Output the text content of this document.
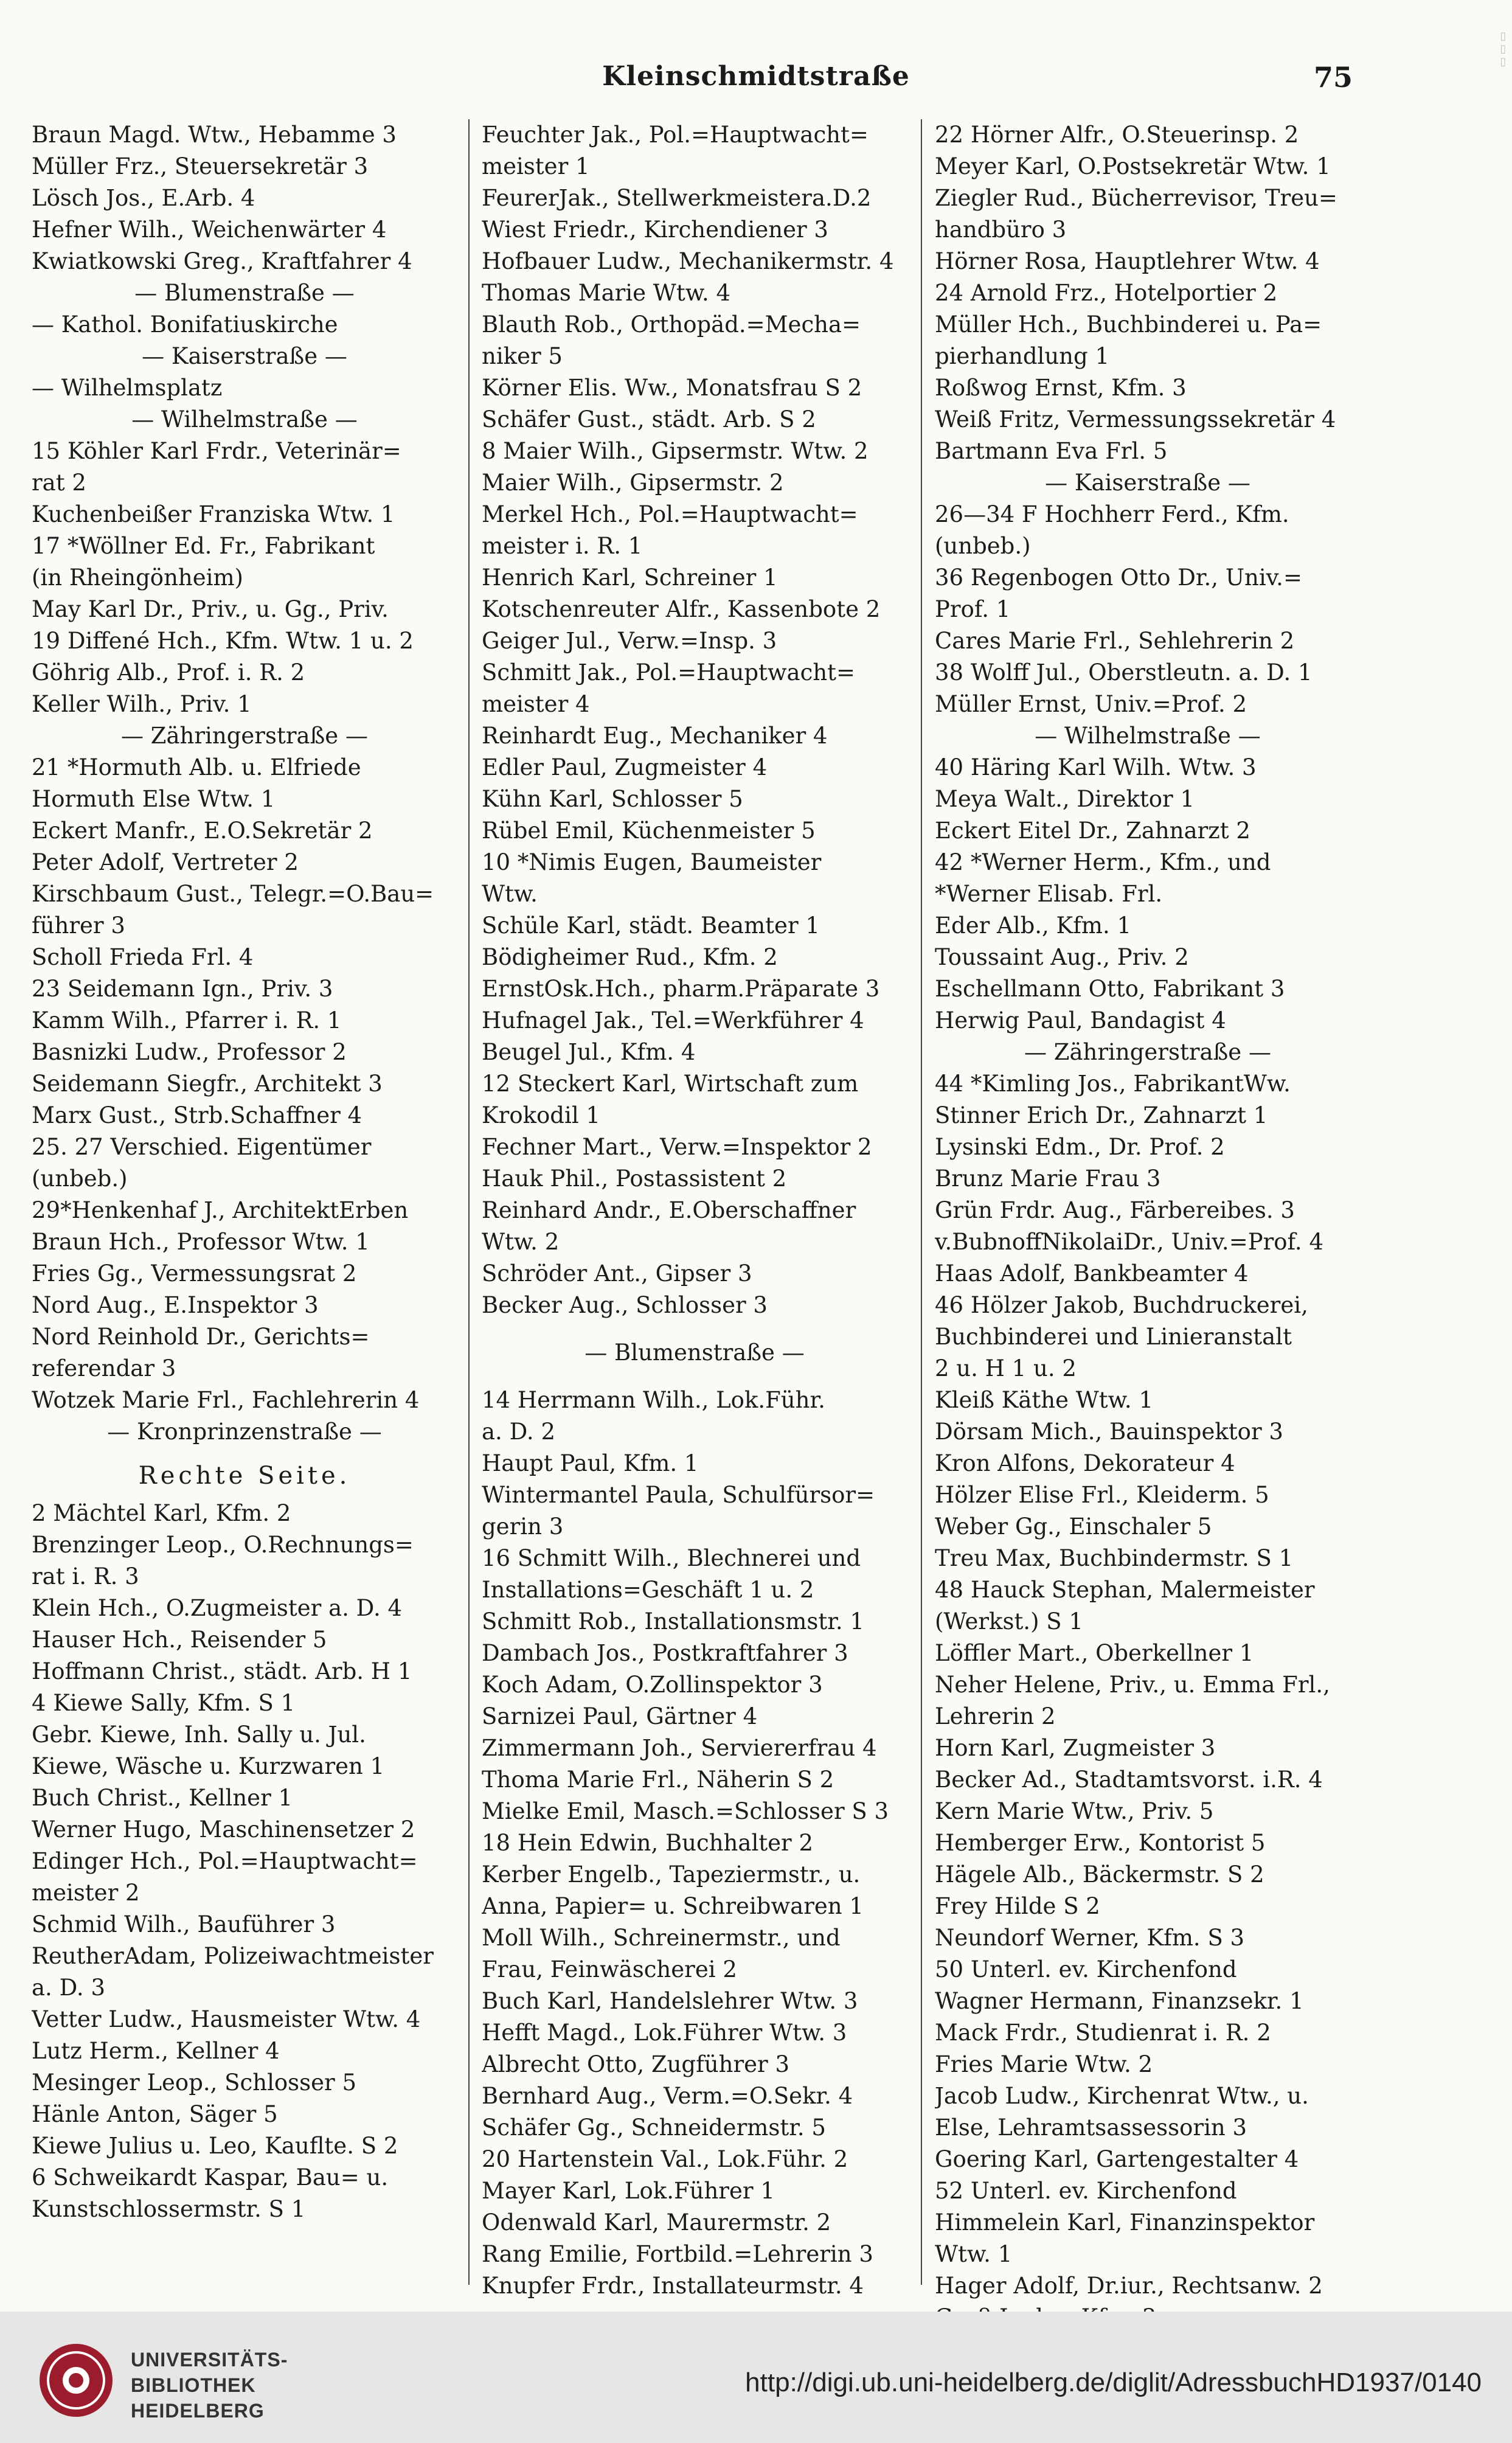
▯▯▯
Kleinschmidtstraße	75
Braun Magd. Wtw., Hebamme 3
Müller Frz., Steuersekretär 3
Lösch Jos., E.Arb. 4
Hefner Wilh., Weichenwärter 4
Kwiatkowski Greg., Kraftfahrer 4
— Blumenstraße —
— Kathol. Bonifatiuskirche
— Kaiserstraße —
— Wilhelmsplatz
— Wilhelmstraße —
15 Köhler Karl Frdr., Veterinär=
rat 2
Kuchenbeißer Franziska Wtw. 1
17 *Wöllner Ed. Fr., Fabrikant
(in Rheingönheim)
May Karl Dr., Priv., u. Gg., Priv.
19 Diffené Hch., Kfm. Wtw. 1 u. 2
Göhrig Alb., Prof. i. R. 2
Keller Wilh., Priv. 1
— Zähringerstraße —
21 *Hormuth Alb. u. Elfriede
Hormuth Else Wtw. 1
Eckert Manfr., E.O.Sekretär 2
Peter Adolf, Vertreter 2
Kirschbaum Gust., Telegr.=O.Bau=
führer 3
Scholl Frieda Frl. 4
23 Seidemann Ign., Priv. 3
Kamm Wilh., Pfarrer i. R. 1
Basnizki Ludw., Professor 2
Seidemann Siegfr., Architekt 3
Marx Gust., Strb.Schaffner 4
25. 27 Verschied. Eigentümer
(unbeb.)
29*Henkenhaf J., ArchitektErben
Braun Hch., Professor Wtw. 1
Fries Gg., Vermessungsrat 2
Nord Aug., E.Inspektor 3
Nord Reinhold Dr., Gerichts=
referendar 3
Wotzek Marie Frl., Fachlehrerin 4
— Kronprinzenstraße —
Rechte Seite.
2 Mächtel Karl, Kfm. 2
Brenzinger Leop., O.Rechnungs=
rat i. R. 3
Klein Hch., O.Zugmeister a. D. 4
Hauser Hch., Reisender 5
Hoffmann Christ., städt. Arb. H 1
4 Kiewe Sally, Kfm. S 1
Gebr. Kiewe, Inh. Sally u. Jul.
Kiewe, Wäsche u. Kurzwaren 1
Buch Christ., Kellner 1
Werner Hugo, Maschinensetzer 2
Edinger Hch., Pol.=Hauptwacht=
meister 2
Schmid Wilh., Bauführer 3
ReutherAdam, Polizeiwachtmeister
a. D. 3
Vetter Ludw., Hausmeister Wtw. 4
Lutz Herm., Kellner 4
Mesinger Leop., Schlosser 5
Hänle Anton, Säger 5
Kiewe Julius u. Leo, Kaufltе. S 2
6 Schweikardt Kaspar, Bau= u.
Kunstschlossermstr. S 1
Feuchter Jak., Pol.=Hauptwacht=
meister 1
FeurerJak., Stellwerkmeistera.D.2
Wiest Friedr., Kirchendiener 3
Hofbauer Ludw., Mechanikermstr. 4
Thomas Marie Wtw. 4
Blauth Rob., Orthopäd.=Mecha=
niker 5
Körner Elis. Ww., Monatsfrau S 2
Schäfer Gust., städt. Arb. S 2
8 Maier Wilh., Gipsermstr. Wtw. 2
Maier Wilh., Gipsermstr. 2
Merkel Hch., Pol.=Hauptwacht=
meister i. R. 1
Henrich Karl, Schreiner 1
Kotschenreuter Alfr., Kassenbote 2
Geiger Jul., Verw.=Insp. 3
Schmitt Jak., Pol.=Hauptwacht=
meister 4
Reinhardt Eug., Mechaniker 4
Edler Paul, Zugmeister 4
Kühn Karl, Schlosser 5
Rübel Emil, Küchenmeister 5
10 *Nimis Eugen, Baumeister
Wtw.
Schüle Karl, städt. Beamter 1
Bödigheimer Rud., Kfm. 2
ErnstOsk.Hch., pharm.Präparate 3
Hufnagel Jak., Tel.=Werkführer 4
Beugel Jul., Kfm. 4
12 Steckert Karl, Wirtschaft zum
Krokodil 1
Fechner Mart., Verw.=Inspektor 2
Hauk Phil., Postassistent 2
Reinhard Andr., E.Oberschaffner
Wtw. 2
Schröder Ant., Gipser 3
Becker Aug., Schlosser 3
— Blumenstraße —
14 Herrmann Wilh., Lok.Führ.
a. D. 2
Haupt Paul, Kfm. 1
Wintermantel Paula, Schulfürsor=
gerin 3
16 Schmitt Wilh., Blechnerei und
Installations=Geschäft 1 u. 2
Schmitt Rob., Installationsmstr. 1
Dambach Jos., Postkraftfahrer 3
Koch Adam, O.Zollinspektor 3
Sarnizei Paul, Gärtner 4
Zimmermann Joh., Serviererfrau 4
Thoma Marie Frl., Näherin S 2
Mielke Emil, Masch.=Schlosser S 3
18 Hein Edwin, Buchhalter 2
Kerber Engelb., Tapeziermstr., u.
Anna, Papier= u. Schreibwaren 1
Moll Wilh., Schreinermstr., und
Frau, Feinwäscherei 2
Buch Karl, Handelslehrer Wtw. 3
Hefft Magd., Lok.Führer Wtw. 3
Albrecht Otto, Zugführer 3
Bernhard Aug., Verm.=O.Sekr. 4
Schäfer Gg., Schneidermstr. 5
20 Hartenstein Val., Lok.Führ. 2
Mayer Karl, Lok.Führer 1
Odenwald Karl, Maurermstr. 2
Rang Emilie, Fortbild.=Lehrerin 3
Knupfer Frdr., Installateurmstr. 4
22 Hörner Alfr., O.Steuerinsp. 2
Meyer Karl, O.Postsekretär Wtw. 1
Ziegler Rud., Bücherrevisor, Treu=
handbüro 3
Hörner Rosa, Hauptlehrer Wtw. 4
24 Arnold Frz., Hotelportier 2
Müller Hch., Buchbinderei u. Pa=
pierhandlung 1
Roßwog Ernst, Kfm. 3
Weiß Fritz, Vermessungssekretär 4
Bartmann Eva Frl. 5
— Kaiserstraße —
26—34 F Hochherr Ferd., Kfm.
(unbeb.)
36 Regenbogen Otto Dr., Univ.=
Prof. 1
Cares Marie Frl., Sehlehrerin 2
38 Wolff Jul., Oberstleutn. a. D. 1
Müller Ernst, Univ.=Prof. 2
— Wilhelmstraße —
40 Häring Karl Wilh. Wtw. 3
Meya Walt., Direktor 1
Eckert Eitel Dr., Zahnarzt 2
42 *Werner Herm., Kfm., und
*Werner Elisab. Frl.
Eder Alb., Kfm. 1
Toussaint Aug., Priv. 2
Eschellmann Otto, Fabrikant 3
Herwig Paul, Bandagist 4
— Zähringerstraße —
44 *Kimling Jos., FabrikantWw.
Stinner Erich Dr., Zahnarzt 1
Lysinski Edm., Dr. Prof. 2
Brunz Marie Frau 3
Grün Frdr. Aug., Färbereibes. 3
v.BubnoffNikolaiDr., Univ.=Prof. 4
Haas Adolf, Bankbeamter 4
46 Hölzer Jakob, Buchdruckerei,
Buchbinderei und Linieranstalt
2 u. H 1 u. 2
Kleiß Käthe Wtw. 1
Dörsam Mich., Bauinspektor 3
Kron Alfons, Dekorateur 4
Hölzer Elise Frl., Kleiderm. 5
Weber Gg., Einschaler 5
Treu Max, Buchbindermstr. S 1
48 Hauck Stephan, Malermeister
(Werkst.) S 1
Löffler Mart., Oberkellner 1
Neher Helene, Priv., u. Emma Frl.,
Lehrerin 2
Horn Karl, Zugmeister 3
Becker Ad., Stadtamtsvorst. i.R. 4
Kern Marie Wtw., Priv. 5
Hemberger Erw., Kontorist 5
Hägele Alb., Bäckermstr. S 2
Frey Hilde S 2
Neundorf Werner, Kfm. S 3
50 Unterl. ev. Kirchenfond
Wagner Hermann, Finanzsekr. 1
Mack Frdr., Studienrat i. R. 2
Fries Marie Wtw. 2
Jacob Ludw., Kirchenrat Wtw., u.
Else, Lehramtsassessorin 3
Goering Karl, Gartengestalter 4
52 Unterl. ev. Kirchenfond
Himmelein Karl, Finanzinspektor
Wtw. 1
Hager Adolf, Dr.iur., Rechtsanw. 2
UNIVERSITÄTS-
BIBLIOTHEK
HEIDELBERG
http://digi.ub.uni-heidelberg.de/diglit/AdressbuchHD1937/0140
